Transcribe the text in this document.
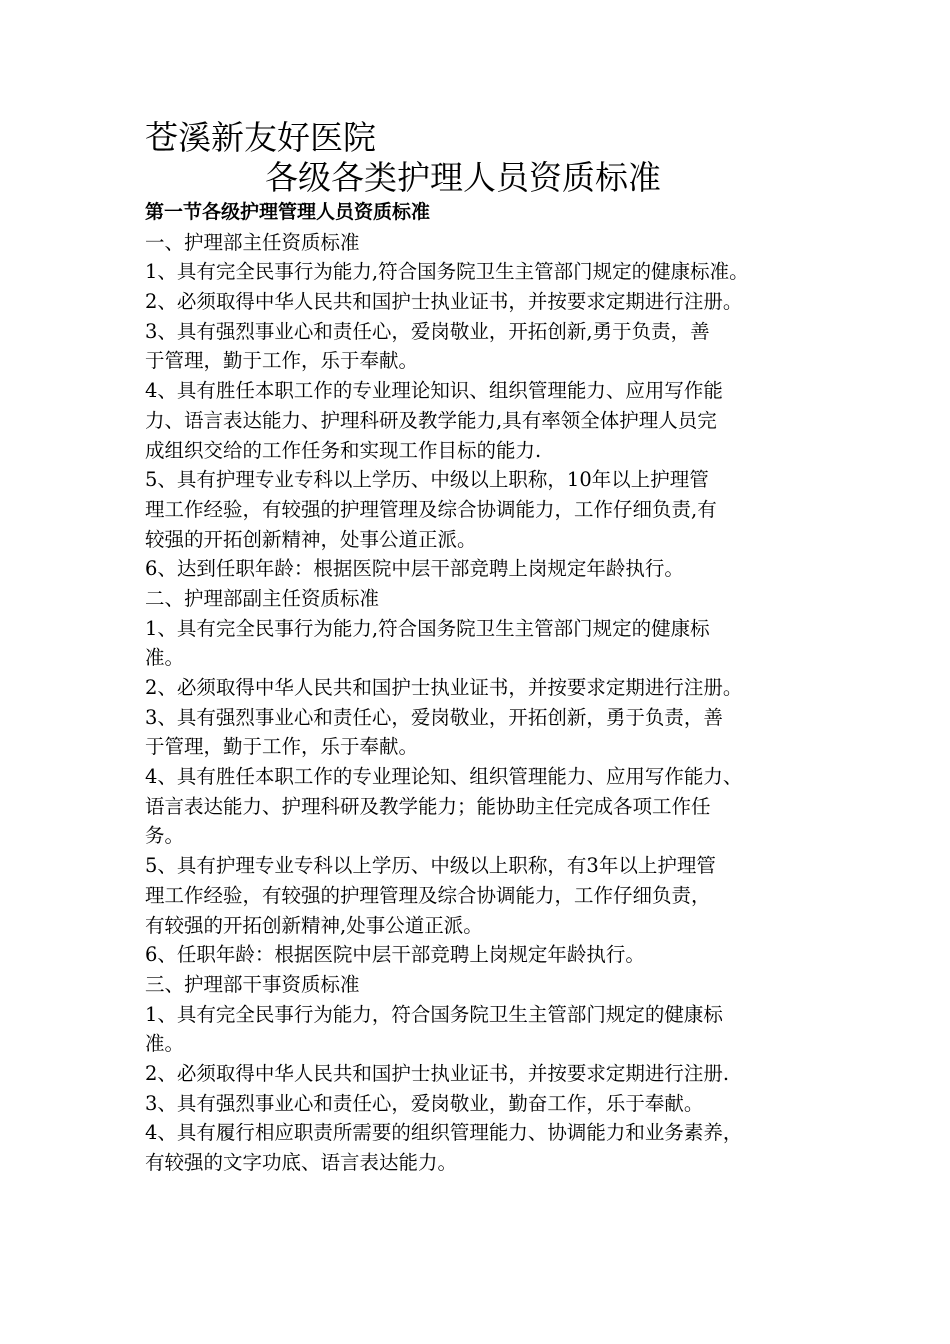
苍溪新友好医院
各级各类护理人员资质标准
第一节各级护理管理人员资质标准
一、护理部主任资质标准
1、具有完全民事行为能力,符合国务院卫生主管部门规定的健康标准。
2、必须取得中华人民共和国护士执业证书，并按要求定期进行注册。
3、具有强烈事业心和责任心，爱岗敬业，开拓创新,勇于负责，善
于管理，勤于工作，乐于奉献。
4、具有胜任本职工作的专业理论知识、组织管理能力、应用写作能
力、语言表达能力、护理科研及教学能力,具有率领全体护理人员完
成组织交给的工作任务和实现工作目标的能力.
5、具有护理专业专科以上学历、中级以上职称，10年以上护理管
理工作经验，有较强的护理管理及综合协调能力，工作仔细负责,有
较强的开拓创新精神，处事公道正派。
6、达到任职年龄：根据医院中层干部竞聘上岗规定年龄执行。
二、护理部副主任资质标准
1、具有完全民事行为能力,符合国务院卫生主管部门规定的健康标
准。
2、必须取得中华人民共和国护士执业证书，并按要求定期进行注册。
3、具有强烈事业心和责任心，爱岗敬业，开拓创新，勇于负责，善
于管理，勤于工作，乐于奉献。
4、具有胜任本职工作的专业理论知、组织管理能力、应用写作能力、
语言表达能力、护理科研及教学能力；能协助主任完成各项工作任
务。
5、具有护理专业专科以上学历、中级以上职称，有3年以上护理管
理工作经验，有较强的护理管理及综合协调能力，工作仔细负责，
有较强的开拓创新精神,处事公道正派。
6、任职年龄：根据医院中层干部竞聘上岗规定年龄执行。
三、护理部干事资质标准
1、具有完全民事行为能力，符合国务院卫生主管部门规定的健康标
准。
2、必须取得中华人民共和国护士执业证书，并按要求定期进行注册.
3、具有强烈事业心和责任心，爱岗敬业，勤奋工作，乐于奉献。
4、具有履行相应职责所需要的组织管理能力、协调能力和业务素养，
有较强的文字功底、语言表达能力。
